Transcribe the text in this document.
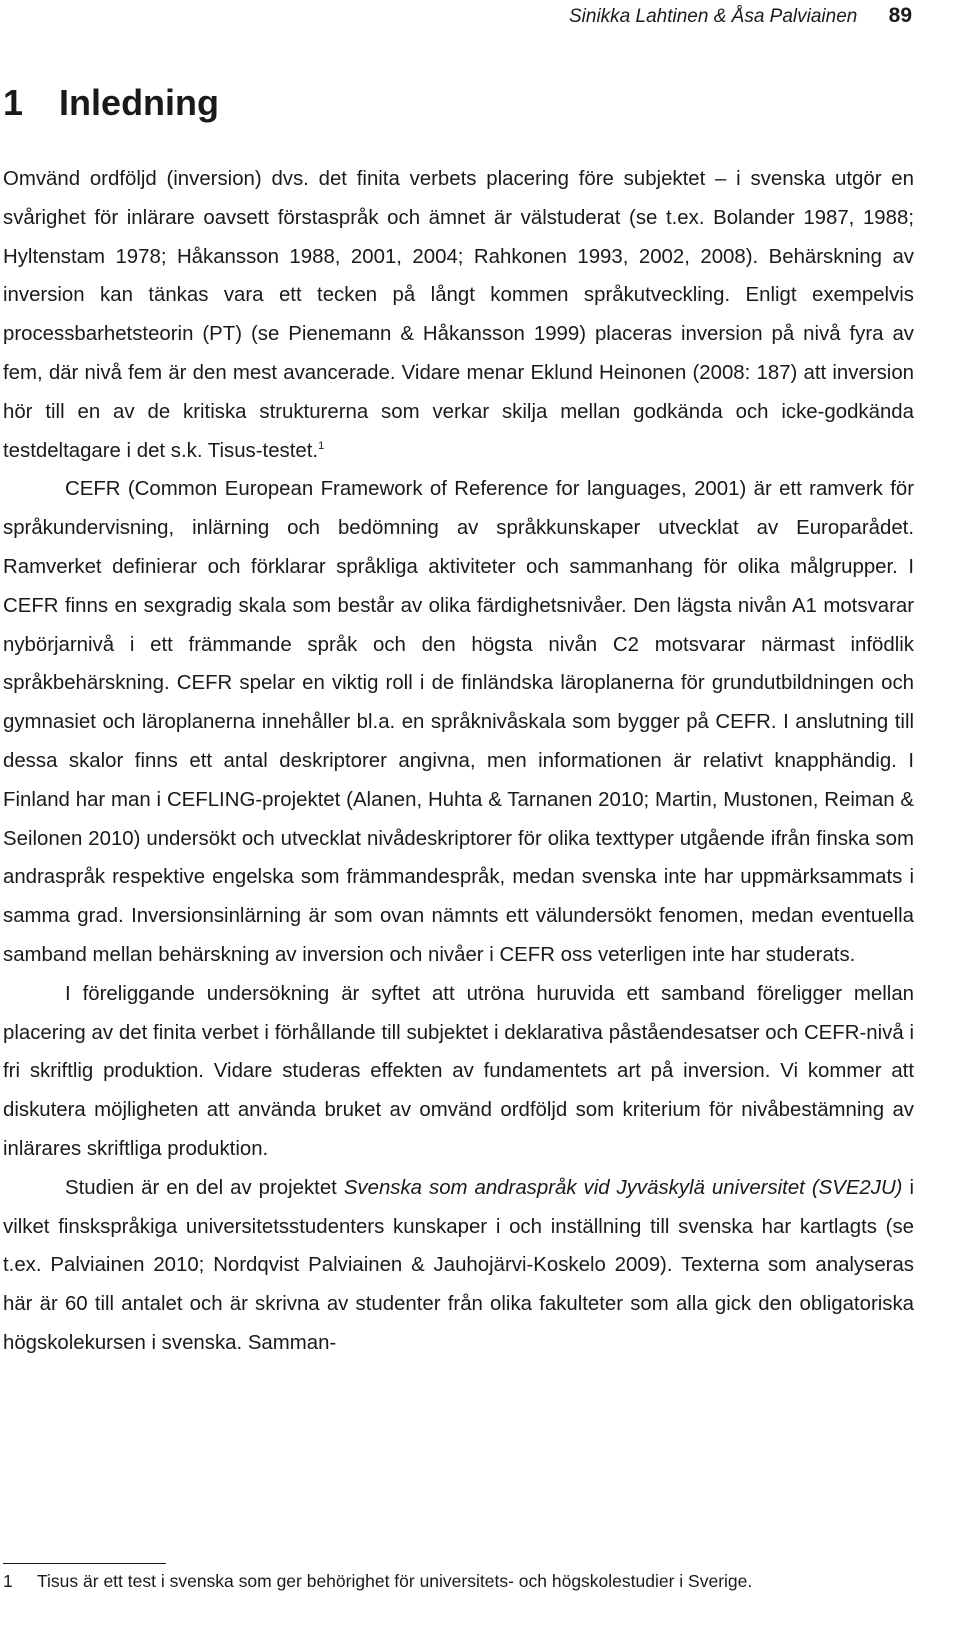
Sinikka Lahtinen & Åsa Palviainen 89
1 Inledning

Omvänd ordföljd (inversion) dvs. det finita verbets placering före subjektet – i svenska utgör en svårighet för inlärare oavsett förstaspråk och ämnet är välstuderat (se t.ex. Bolander 1987, 1988; Hyltenstam 1978; Håkansson 1988, 2001, 2004; Rahkonen 1993, 2002, 2008). Behärskning av inversion kan tänkas vara ett tecken på långt kommen språkutveckling. Enligt exempelvis processbarhetsteorin (PT) (se Pienemann & Håkansson 1999) placeras inversion på nivå fyra av fem, där nivå fem är den mest avancerade. Vidare menar Eklund Heinonen (2008: 187) att inversion hör till en av de kritiska strukturerna som verkar skilja mellan godkända och icke-godkända testdeltagare i det s.k. Tisus-testet.$^1$

CEFR (Common European Framework of Reference for languages, 2001) är ett ramverk för språkundervisning, inlärning och bedömning av språkkunskaper utvecklat av Europarådet. Ramverket definierar och förklarar språkliga aktiviteter och sammanhang för olika målgrupper. I CEFR finns en sexgradig skala som består av olika färdighetsnivåer. Den lägsta nivån A1 motsvarar nybörjarnivå i ett främmande språk och den högsta nivån C2 motsvarar närmast infödlik språkbehärskning. CEFR spelar en viktig roll i de finländska läroplanerna för grundutbildningen och gymnasiet och läroplanerna innehåller bl.a. en språknivåskala som bygger på CEFR. I anslutning till dessa skalor finns ett antal deskriptorer angivna, men informationen är relativt knapphändig. I Finland har man i CEFLING-projektet (Alanen, Huhta & Tarnanen 2010; Martin, Mustonen, Reiman & Seilonen 2010) undersökt och utvecklat nivådeskriptorer för olika texttyper utgående ifrån finska som andraspråk respektive engelska som främmandespråk, medan svenska inte har uppmärksammats i samma grad. Inversionsinlärning är som ovan nämnts ett välundersökt fenomen, medan eventuella samband mellan behärskning av inversion och nivåer i CEFR oss veterligen inte har studerats.

I föreliggande undersökning är syftet att utröna huruvida ett samband föreligger mellan placering av det finita verbet i förhållande till subjektet i deklarativa påståendesatser och CEFR-nivå i fri skriftlig produktion. Vidare studeras effekten av fundamentets art på inversion. Vi kommer att diskutera möjligheten att använda bruket av omvänd ordföljd som kriterium för nivåbestämning av inlärares skriftliga produktion.

Studien är en del av projektet Svenska som andraspråk vid Jyväskylä universitet (SVE2JU) i vilket finskspråkiga universitetsstudenters kunskaper i och inställning till svenska har kartlagts (se t.ex. Palviainen 2010; Nordqvist Palviainen & Jauhojärvi-Koskelo 2009). Texterna som analyseras här är 60 till antalet och är skrivna av studenter från olika fakulteter som alla gick den obligatoriska högskolekursen i svenska. Samman-

1 Tisus är ett test i svenska som ger behörighet för universitets- och högskolestudier i Sverige.
